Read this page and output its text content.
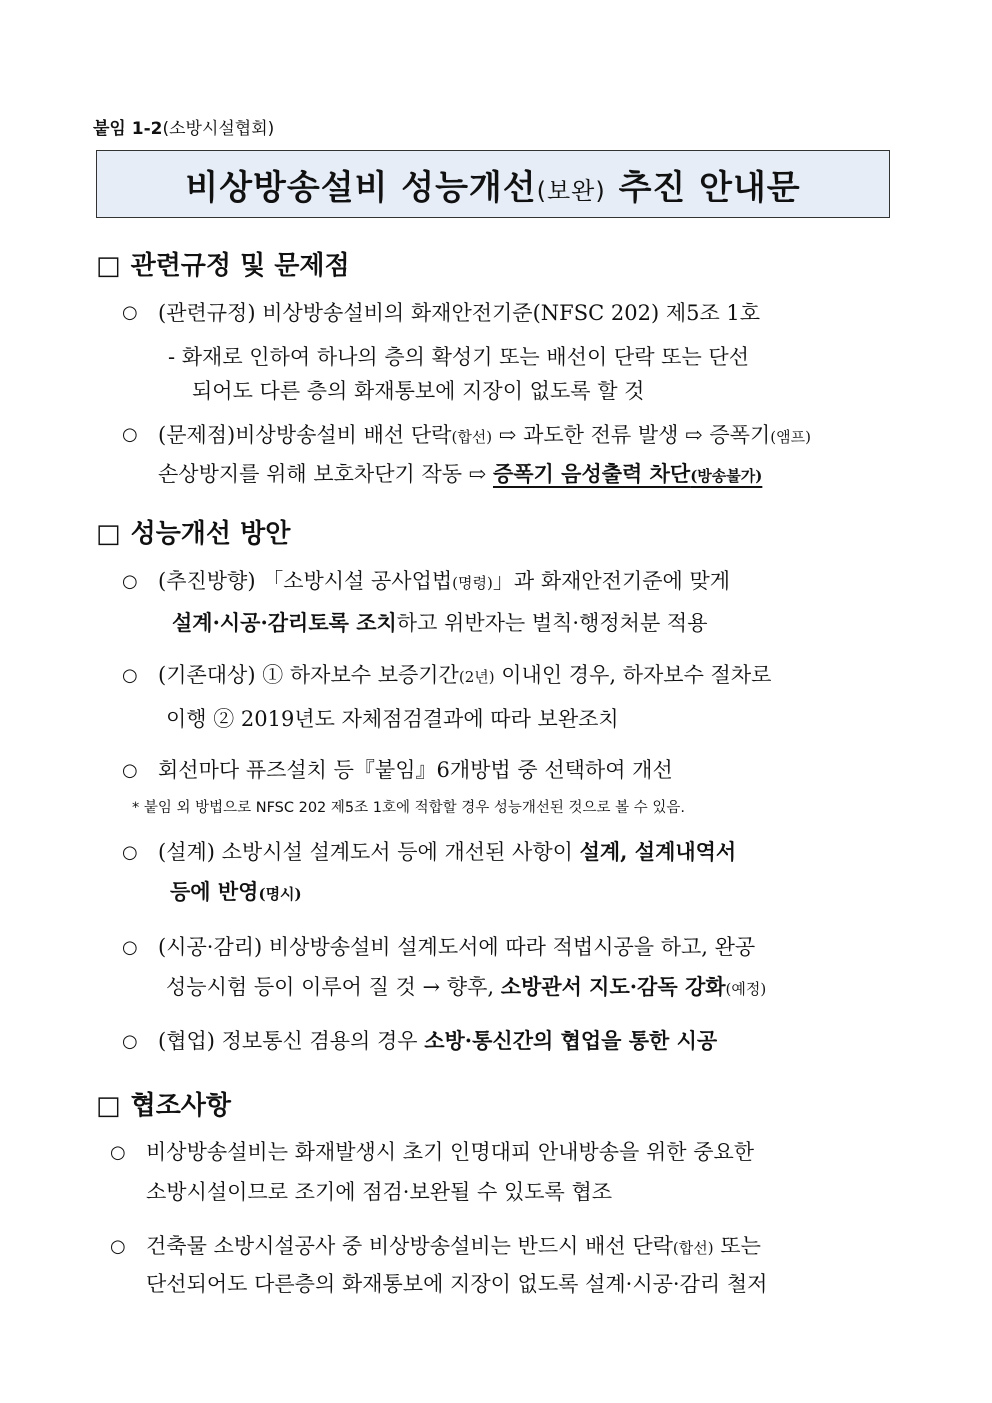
붙임 1-2(소방시설협회)
비상방송설비 성능개선(보완) 추진 안내문
□ 관련규정 및 문제점
○ (관련규정) 비상방송설비의 화재안전기준(NFSC 202) 제5조 1호
- 화재로 인하여 하나의 층의 확성기 또는 배선이 단락 또는 단선
되어도 다른 층의 화재통보에 지장이 없도록 할 것
○ (문제점)비상방송설비 배선 단락(합선) ⇨ 과도한 전류 발생 ⇨ 증폭기(앰프)
손상방지를 위해 보호차단기 작동 ⇨ 증폭기 음성출력 차단(방송불가)
□ 성능개선 방안
○ (추진방향) 「소방시설 공사업법(명령)」과 화재안전기준에 맞게
설계·시공·감리토록 조치하고 위반자는 벌칙·행정처분 적용
○ (기존대상) ① 하자보수 보증기간(2년) 이내인 경우, 하자보수 절차로
이행 ② 2019년도 자체점검결과에 따라 보완조치
○ 회선마다 퓨즈설치 등『붙임』6개방법 중 선택하여 개선
* 붙임 외 방법으로 NFSC 202 제5조 1호에 적합할 경우 성능개선된 것으로 볼 수 있음.
○ (설계) 소방시설 설계도서 등에 개선된 사항이 설계, 설계내역서
등에 반영(명시)
○ (시공·감리) 비상방송설비 설계도서에 따라 적법시공을 하고, 완공
성능시험 등이 이루어 질 것 → 향후, 소방관서 지도·감독 강화(예정)
○ (협업) 정보통신 겸용의 경우 소방·통신간의 협업을 통한 시공
□ 협조사항
○ 비상방송설비는 화재발생시 초기 인명대피 안내방송을 위한 중요한
소방시설이므로 조기에 점검·보완될 수 있도록 협조
○ 건축물 소방시설공사 중 비상방송설비는 반드시 배선 단락(합선) 또는
단선되어도 다른층의 화재통보에 지장이 없도록 설계·시공·감리 철저
